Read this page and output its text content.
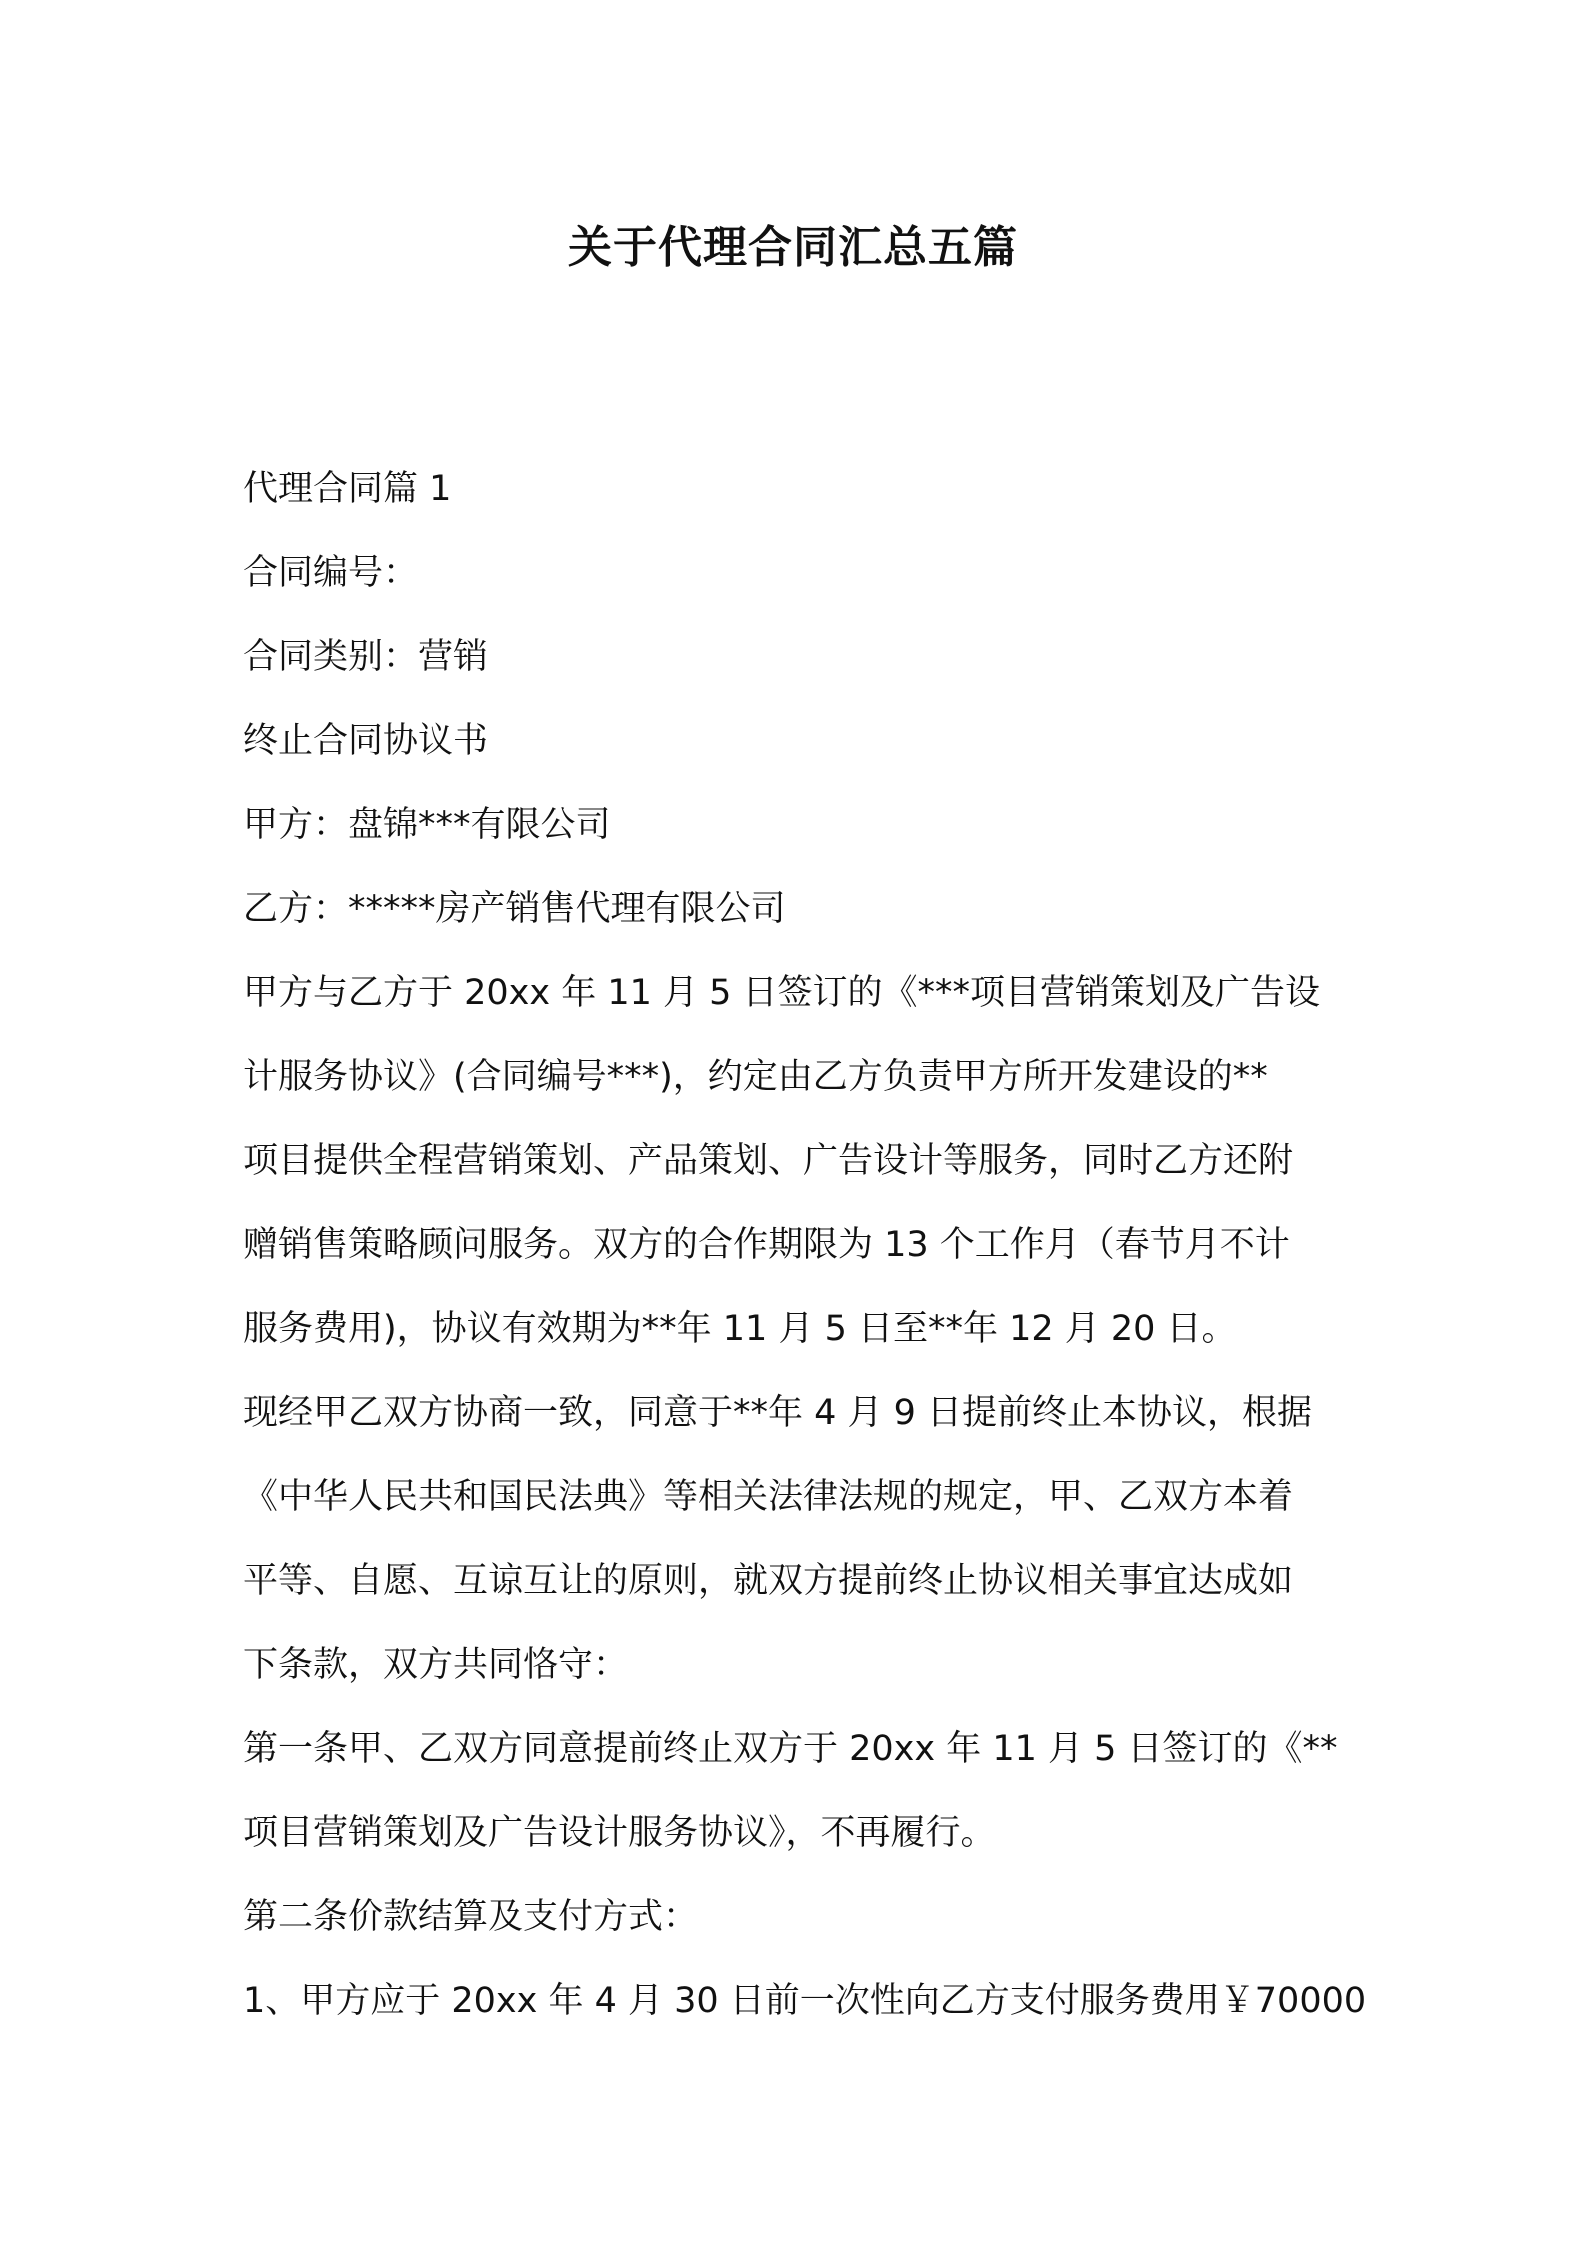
关于代理合同汇总五篇
代理合同篇 1
合同编号：
合同类别：营销
终止合同协议书
甲方：盘锦***有限公司
乙方：*****房产销售代理有限公司
甲方与乙方于 20xx 年 11 月 5 日签订的《***项目营销策划及广告设
计服务协议》(合同编号***)，约定由乙方负责甲方所开发建设的**
项目提供全程营销策划、产品策划、广告设计等服务，同时乙方还附
赠销售策略顾问服务。双方的合作期限为 13 个工作月（春节月不计
服务费用)，协议有效期为**年 11 月 5 日至**年 12 月 20 日。
现经甲乙双方协商一致，同意于**年 4 月 9 日提前终止本协议，根据
《中华人民共和国民法典》等相关法律法规的规定，甲、乙双方本着
平等、自愿、互谅互让的原则，就双方提前终止协议相关事宜达成如
下条款，双方共同恪守：
第一条甲、乙双方同意提前终止双方于 20xx 年 11 月 5 日签订的《**
项目营销策划及广告设计服务协议》，不再履行。
第二条价款结算及支付方式：
1、甲方应于 20xx 年 4 月 30 日前一次性向乙方支付服务费用￥70000
